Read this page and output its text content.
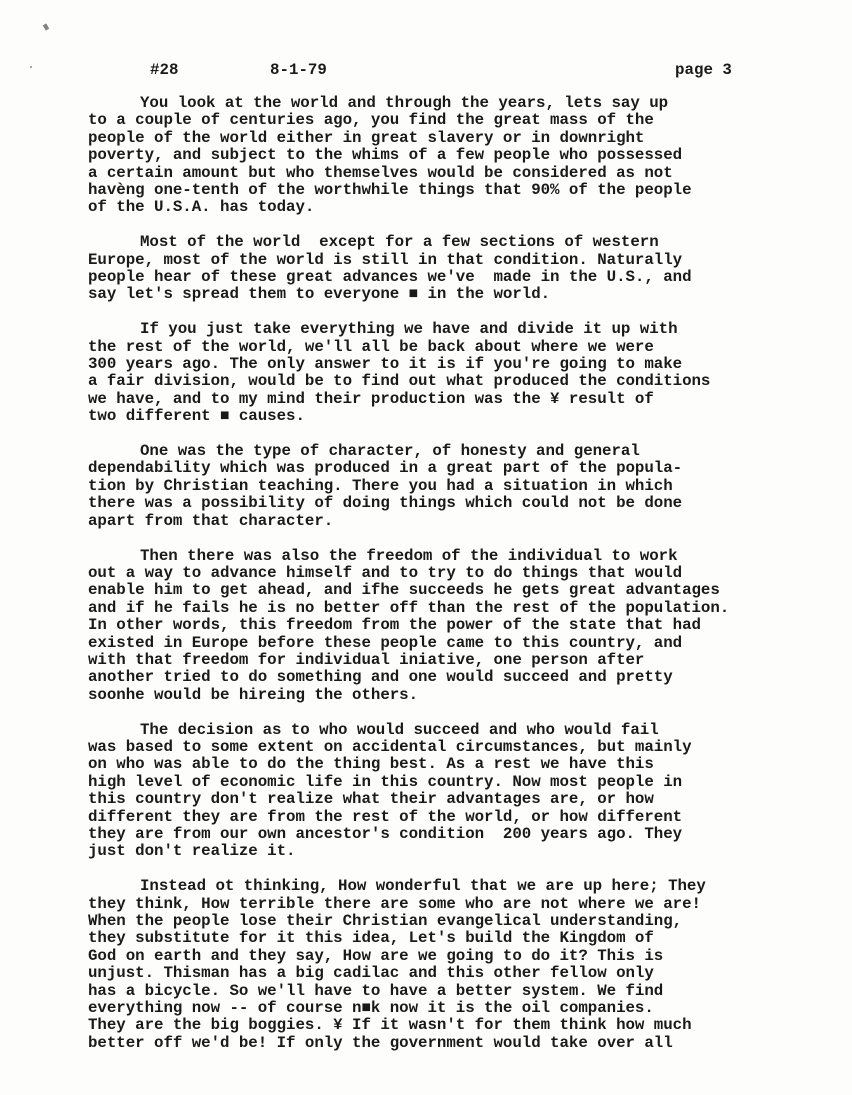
#28	8-1-79	page 3
You look at the world and through the years, lets say up
to a couple of centuries ago, you find the great mass of the
people of the world either in great slavery or in downright
poverty, and subject to the whims of a few people who possessed
a certain amount but who themselves would be considered as not
havèng one-tenth of the worthwhile things that 90% of the people
of the U.S.A. has today.
Most of the world  except for a few sections of western
Europe, most of the world is still in that condition. Naturally
people hear of these great advances we've  made in the U.S., and
say let's spread them to everyone ■ in the world.
If you just take everything we have and divide it up with
the rest of the world, we'll all be back about where we were
300 years ago. The only answer to it is if you're going to make
a fair division, would be to find out what produced the conditions
we have, and to my mind their production was the ¥ result of
two different ■ causes.
One was the type of character, of honesty and general
dependability which was produced in a great part of the popula-
tion by Christian teaching. There you had a situation in which
there was a possibility of doing things which could not be done
apart from that character.
Then there was also the freedom of the individual to work
out a way to advance himself and to try to do things that would
enable him to get ahead, and ifhe succeeds he gets great advantages
and if he fails he is no better off than the rest of the population.
In other words, this freedom from the power of the state that had
existed in Europe before these people came to this country, and
with that freedom for individual iniative, one person after
another tried to do something and one would succeed and pretty
soonhe would be hireing the others.
The decision as to who would succeed and who would fail
was based to some extent on accidental circumstances, but mainly
on who was able to do the thing best. As a rest we have this
high level of economic life in this country. Now most people in
this country don't realize what their advantages are, or how
different they are from the rest of the world, or how different
they are from our own ancestor's condition  200 years ago. They
just don't realize it.
Instead ot thinking, How wonderful that we are up here; They
they think, How terrible there are some who are not where we are!
When the people lose their Christian evangelical understanding,
they substitute for it this idea, Let's build the Kingdom of
God on earth and they say, How are we going to do it? This is
unjust. Thisman has a big cadilac and this other fellow only
has a bicycle. So we'll have to have a better system. We find
everything now -- of course n■k now it is the oil companies.
They are the big boggies. ¥ If it wasn't for them think how much
better off we'd be! If only the government would take over all
